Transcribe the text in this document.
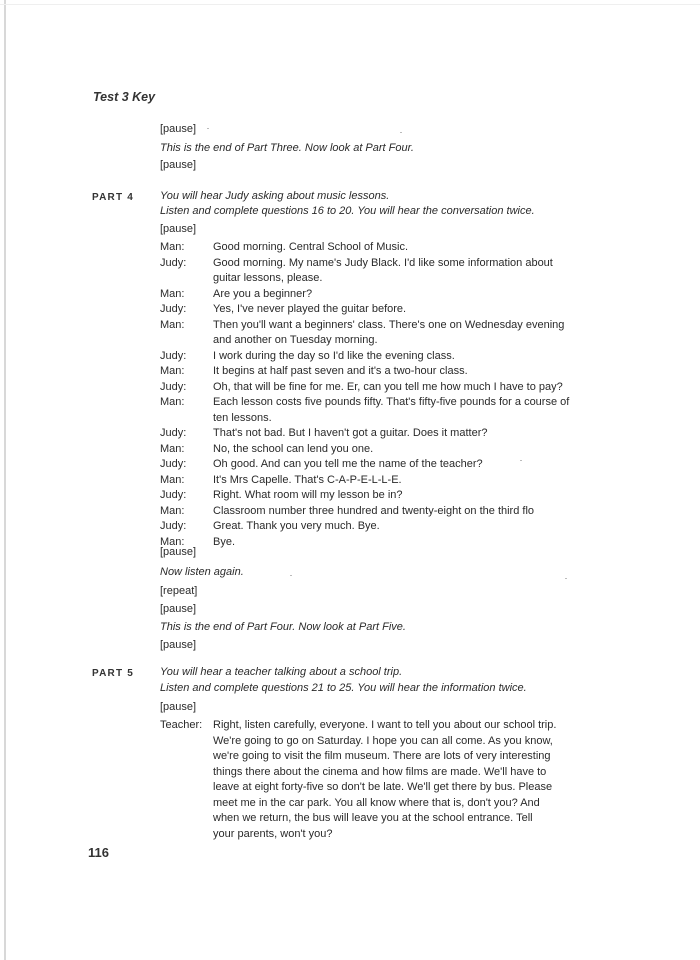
Test 3 Key
[pause]
This is the end of Part Three. Now look at Part Four.
[pause]
PART 4 You will hear Judy asking about music lessons.
Listen and complete questions 16 to 20. You will hear the conversation twice.
[pause]
Man:	Good morning. Central School of Music.
Judy:	Good morning. My name's Judy Black. I'd like some information about guitar lessons, please.
Man:	Are you a beginner?
Judy:	Yes, I've never played the guitar before.
Man:	Then you'll want a beginners' class. There's one on Wednesday evening and another on Tuesday morning.
Judy:	I work during the day so I'd like the evening class.
Man:	It begins at half past seven and it's a two-hour class.
Judy:	Oh, that will be fine for me. Er, can you tell me how much I have to pay?
Man:	Each lesson costs five pounds fifty. That's fifty-five pounds for a course of ten lessons.
Judy:	That's not bad. But I haven't got a guitar. Does it matter?
Man:	No, the school can lend you one.
Judy:	Oh good. And can you tell me the name of the teacher?
Man:	It's Mrs Capelle. That's C-A-P-E-L-L-E.
Judy:	Right. What room will my lesson be in?
Man:	Classroom number three hundred and twenty-eight on the third flo
Judy:	Great. Thank you very much. Bye.
Man:	Bye.
[pause]
Now listen again.
[repeat]
[pause]
This is the end of Part Four. Now look at Part Five.
[pause]
PART 5 You will hear a teacher talking about a school trip.
Listen and complete questions 21 to 25. You will hear the information twice.
[pause]
Teacher: Right, listen carefully, everyone. I want to tell you about our school trip.
We're going to go on Saturday. I hope you can all come. As you know,
we're going to visit the film museum. There are lots of very interesting
things there about the cinema and how films are made. We'll have to
leave at eight forty-five so don't be late. We'll get there by bus. Please
meet me in the car park. You all know where that is, don't you? And
when we return, the bus will leave you at the school entrance. Tell
your parents, won't you?
116
